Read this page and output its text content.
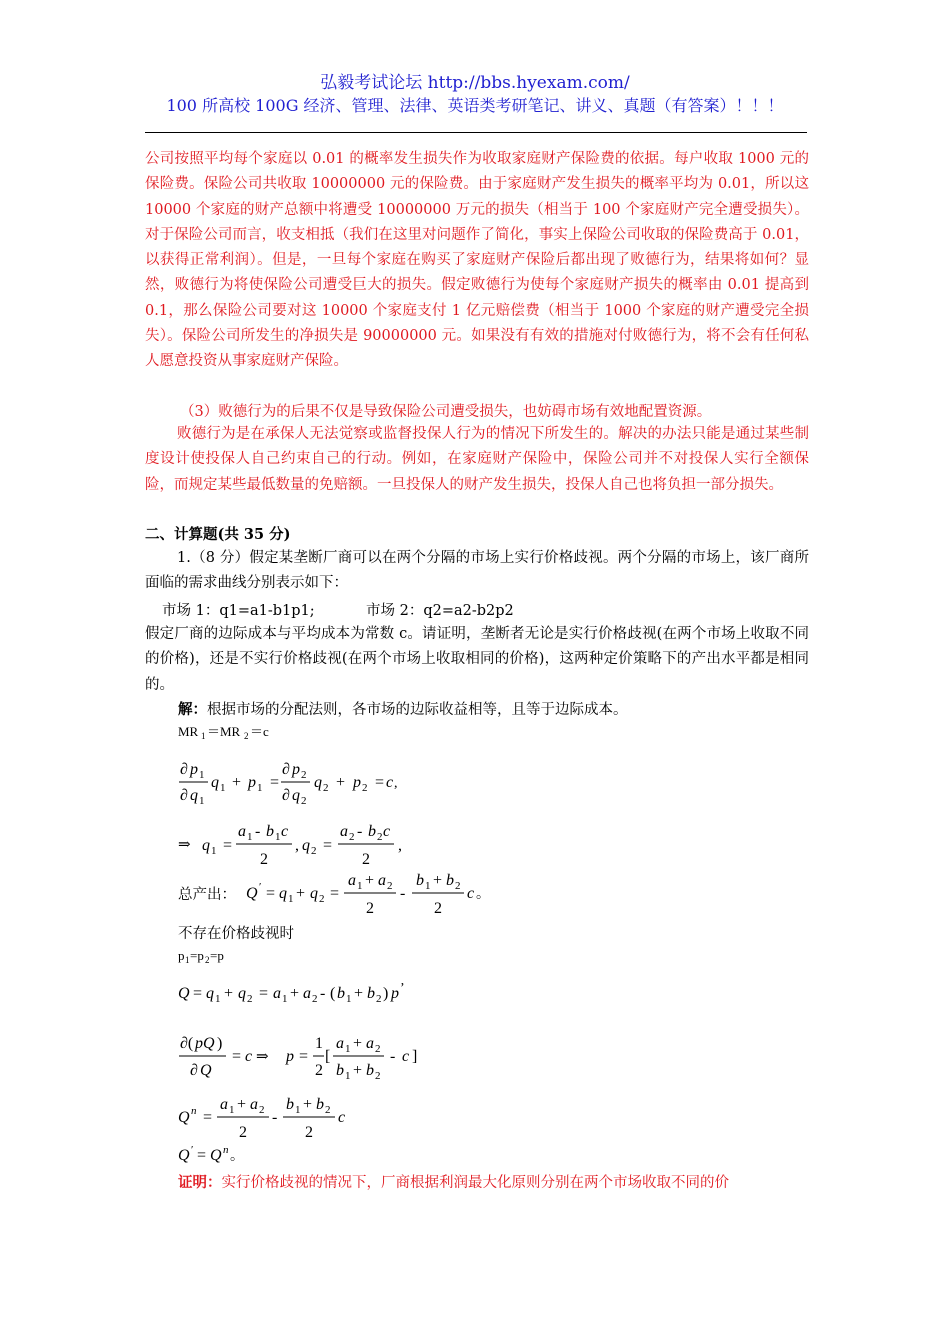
弘毅考试论坛 http://bbs.hyexam.com/
100 所高校 100G 经济、管理、法律、英语类考研笔记、讲义、真题（有答案）！！！
公司按照平均每个家庭以 0.01 的概率发生损失作为收取家庭财产保险费的依据。每户收取 1000 元的保险费。保险公司共收取 10000000 元的保险费。由于家庭财产发生损失的概率平均为 0.01，所以这 10000 个家庭的财产总额中将遭受 10000000 万元的损失（相当于 100 个家庭财产完全遭受损失）。对于保险公司而言，收支相抵（我们在这里对问题作了简化，事实上保险公司收取的保险费高于 0.01，以获得正常利润）。但是，一旦每个家庭在购买了家庭财产保险后都出现了败德行为，结果将如何？显然，败德行为将使保险公司遭受巨大的损失。假定败德行为使每个家庭财产损失的概率由 0.01 提高到 0.1，那么保险公司要对这 10000 个家庭支付 1 亿元赔偿费（相当于 1000 个家庭的财产遭受完全损失）。保险公司所发生的净损失是 90000000 元。如果没有有效的措施对付败德行为，将不会有任何私人愿意投资从事家庭财产保险。
（3）败德行为的后果不仅是导致保险公司遭受损失，也妨碍市场有效地配置资源。
败德行为是在承保人无法觉察或监督投保人行为的情况下所发生的。解决的办法只能是通过某些制度设计使投保人自己约束自己的行动。例如，在家庭财产保险中，保险公司并不对投保人实行全额保险，而规定某些最低数量的免赔额。一旦投保人的财产发生损失，投保人自己也将负担一部分损失。
二、计算题(共 35 分)
1.（8 分）假定某垄断厂商可以在两个分隔的市场上实行价格歧视。两个分隔的市场上，该厂商所面临的需求曲线分别表示如下：
市场 1：q1=a1-b1p1;	市场 2：q2=a2-b2p2
假定厂商的边际成本与平均成本为常数 c。请证明，垄断者无论是实行价格歧视(在两个市场上收取不同的价格)，还是不实行价格歧视(在两个市场上收取相同的价格)，这两种定价策略下的产出水平都是相同的。
解：根据市场的分配法则，各市场的边际收益相等，且等于边际成本。
MR 1 ＝MR 2 ＝c
∂ p 1
∂ q 1
q 1 + p 1 =
∂ p 2
∂ q 2
q 2 + p 2 = c ,
⇒ q 1 =
a 1 - b 1 c
2
, q 2 =
a 2 - b 2 c
2
,
总产出： Q ′ = q 1 + q 2 =
a 1 + a 2
2
-
b 1 + b 2
2
c 。
不存在价格歧视时
p 1 =p 2 =p
Q = q 1 + q 2 = a 1 + a 2 - ( b 1 + b 2 ) p ’
∂( pQ )
∂ Q
= c ⇒ p =
1
2
[
a 1 + a 2
b 1 + b 2
- c ]
Q n =
a 1 + a 2
2
-
b 1 + b 2
2
c
Q ′ = Q n 。
证明：实行价格歧视的情况下，厂商根据利润最大化原则分别在两个市场收取不同的价
